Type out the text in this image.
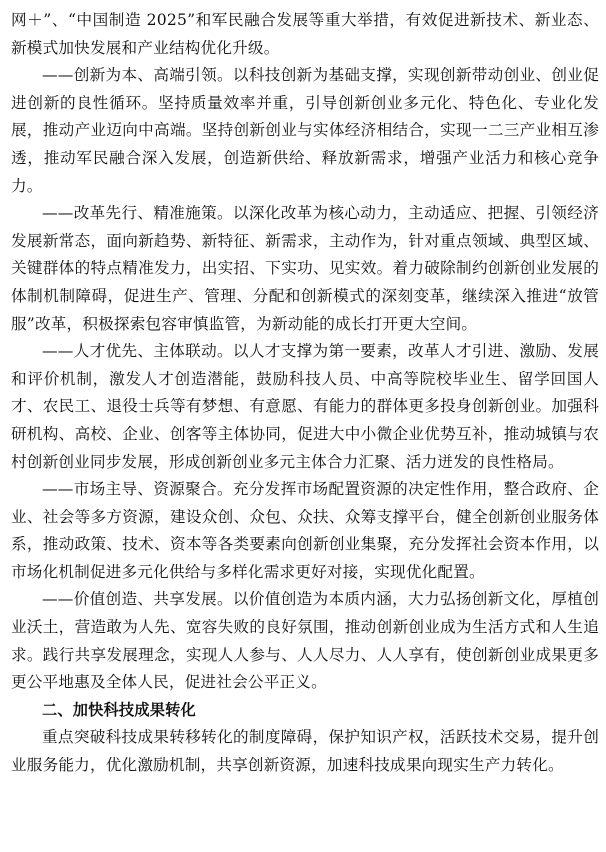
网＋”、“中国制造 2025”和军民融合发展等重大举措，有效促进新技术、新业态、新模式加快发展和产业结构优化升级。

——创新为本、高端引领。以科技创新为基础支撑，实现创新带动创业、创业促进创新的良性循环。坚持质量效率并重，引导创新创业多元化、特色化、专业化发展，推动产业迈向中高端。坚持创新创业与实体经济相结合，实现一二三产业相互渗透，推动军民融合深入发展，创造新供给、释放新需求，增强产业活力和核心竞争力。

——改革先行、精准施策。以深化改革为核心动力，主动适应、把握、引领经济发展新常态，面向新趋势、新特征、新需求，主动作为，针对重点领域、典型区域、关键群体的特点精准发力，出实招、下实功、见实效。着力破除制约创新创业发展的体制机制障碍，促进生产、管理、分配和创新模式的深刻变革，继续深入推进“放管服”改革，积极探索包容审慎监管，为新动能的成长打开更大空间。

——人才优先、主体联动。以人才支撑为第一要素，改革人才引进、激励、发展和评价机制，激发人才创造潜能，鼓励科技人员、中高等院校毕业生、留学回国人才、农民工、退役士兵等有梦想、有意愿、有能力的群体更多投身创新创业。加强科研机构、高校、企业、创客等主体协同，促进大中小微企业优势互补，推动城镇与农村创新创业同步发展，形成创新创业多元主体合力汇聚、活力迸发的良性格局。

——市场主导、资源聚合。充分发挥市场配置资源的决定性作用，整合政府、企业、社会等多方资源，建设众创、众包、众扶、众筹支撑平台，健全创新创业服务体系，推动政策、技术、资本等各类要素向创新创业集聚，充分发挥社会资本作用，以市场化机制促进多元化供给与多样化需求更好对接，实现优化配置。

——价值创造、共享发展。以价值创造为本质内涵，大力弘扬创新文化，厚植创业沃土，营造敢为人先、宽容失败的良好氛围，推动创新创业成为生活方式和人生追求。践行共享发展理念，实现人人参与、人人尽力、人人享有，使创新创业成果更多更公平地惠及全体人民，促进社会公平正义。

二、加快科技成果转化

重点突破科技成果转移转化的制度障碍，保护知识产权，活跃技术交易，提升创业服务能力，优化激励机制，共享创新资源，加速科技成果向现实生产力转化。
